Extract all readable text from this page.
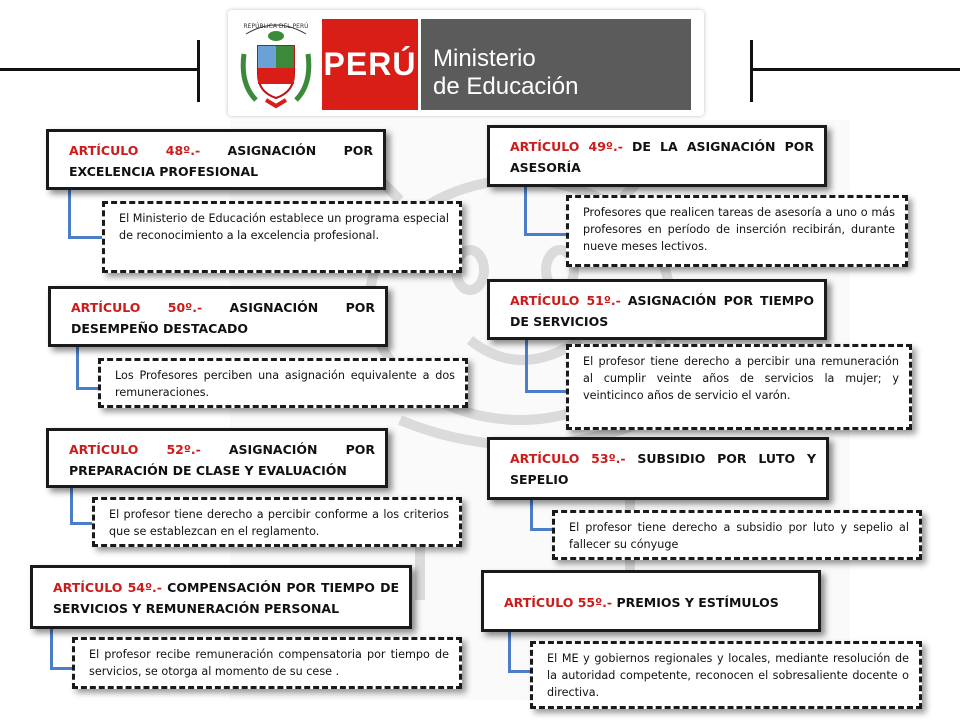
REPÚBLICA DEL PERÚ
PERÚ Ministerio
de Educación
ARTÍCULO 48º.- ASIGNACIÓN POR EXCELENCIA PROFESIONAL
El Ministerio de Educación establece un programa especial de reconocimiento a la excelencia profesional.
ARTÍCULO 50º.- ASIGNACIÓN POR DESEMPEÑO DESTACADO
Los Profesores perciben una asignación equivalente a dos remuneraciones.
ARTÍCULO 52º.- ASIGNACIÓN POR PREPARACIÓN DE CLASE Y EVALUACIÓN
El profesor tiene derecho a percibir conforme a los criterios que se establezcan en el reglamento.
ARTÍCULO 54º.- COMPENSACIÓN POR TIEMPO DE SERVICIOS Y REMUNERACIÓN PERSONAL
El profesor recibe remuneración compensatoria por tiempo de servicios, se otorga al momento de su cese .
ARTÍCULO 49º.- DE LA ASIGNACIÓN POR ASESORÍA
Profesores que realicen tareas de asesoría a uno o más profesores en período de inserción recibirán, durante nueve meses lectivos.
ARTÍCULO 51º.- ASIGNACIÓN POR TIEMPO DE SERVICIOS
El profesor tiene derecho a percibir una remuneración al cumplir veinte años de servicios la mujer; y veinticinco años de servicio el varón.
ARTÍCULO 53º.- SUBSIDIO POR LUTO Y SEPELIO
El profesor tiene derecho a subsidio por luto y sepelio al fallecer su cónyuge
ARTÍCULO 55º.- PREMIOS Y ESTÍMULOS
El ME y gobiernos regionales y locales, mediante resolución de la autoridad competente, reconocen el sobresaliente docente o directiva.
